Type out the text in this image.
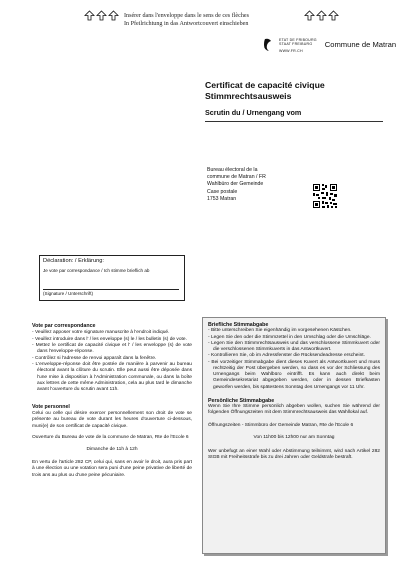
Insérer dans l'enveloppe dans le sens de ces flèches
In Pfeilrichtung in das Antwortcouvert einschieben
ETAT DE FRIBOURG
STAAT FREIBURG
WWW.FR.CH
Commune de Matran
Certificat de capacité civique
Stimmrechtsausweis
Scrutin du / Urnengang vom
Bureau électoral de la
commune de Matran / FR
Wahlbüro der Gemeinde
Case postale
1753 Matran
Déclaration: / Erklärung:
Je vote par correspondance / Ich stimme brieflich ab
(Signature / Unterschrift)
Vote par correspondance
- Veuillez apposer votre signature manuscrite à l'endroit indiqué.
- Veuillez introduire dans l' / les enveloppe (s) le / les bulletin (s) de vote.
- Mettez le certificat de capacité civique et l' / les enveloppe (s) de vote dans l'enveloppe-réponse.
- Contrôlez si l'adresse de renvoi apparaît dans la fenêtre.
- L'enveloppe-réponse doit être postée de manière à parvenir au bureau électoral avant la clôture du scrutin. Elle peut aussi être déposée dans l'une mise à disposition à l'Administration communale, ou dans la boîte aux lettres de cette même Administration, cela au plus tard le dimanche avant l'ouverture du scrutin avant 11h.
Vote personnel

Celui ou celle qui désire exercer personnellement son droit de vote se présente au bureau de vote durant les heures d'ouverture ci-dessous, muni(e) de son certificat de capacité civique.

Ouverture du Bureau de vote de la commune de Matran, Rte de l'Ecole 6

Dimanche de 11h à 12h

En vertu de l'article 282 CP, celui qui, sans en avoir le droit, aura pris part à une élection ou une votation sera puni d'une peine privative de liberté de trois ans au plus ou d'une peine pécuniaire.

Briefliche Stimmabgabe
- Bitte unterschreiben Sie eigenhändig im vorgesehenen Kästchen.
- Legen Sie den oder die Stimmzettel in den Umschlag oder die Umschläge.
- Legen Sie den Stimmrechtsausweis und das verschlossene Stimmkuvert oder die verschlossenen Stimmkuverts in das Antwortkuvert.
- Kontrollieren Sie, ob im Adressfenster die Rücksendeadresse erscheint.
- Bei vorzeitiger Stimmabgabe dient dieses Kuvert als Antwortkuvert und muss rechtzeitig der Post übergeben werden, so dass es vor der Schliessung des Urnengangs beim Wahlbüro eintrifft. Es kann auch direkt beim Gemeindesekretariat abgegeben werden, oder in dessen Briefkasten geworfen werden, bis spätestens Sonntag des Urnengangs vor 11 Uhr.
Persönliche Stimmabgabe

Wenn Sie Ihre Stimme persönlich abgeben wollen, suchen Sie während der folgenden Öffnungszeiten mit dem Stimmrechtsausweis das Wahllokal auf.

Öffnungszeiten - Stimmbüro der Gemeinde Matran, Rte de l'Ecole 6

Von 11h00 bis 12h00 nur am Sonntag

Wer unbefugt an einer Wahl oder Abstimmung teilnimmt, wird nach Artikel 282 StGB mit Freiheitsstrafe bis zu drei Jahren oder Geldstrafe bestraft.
